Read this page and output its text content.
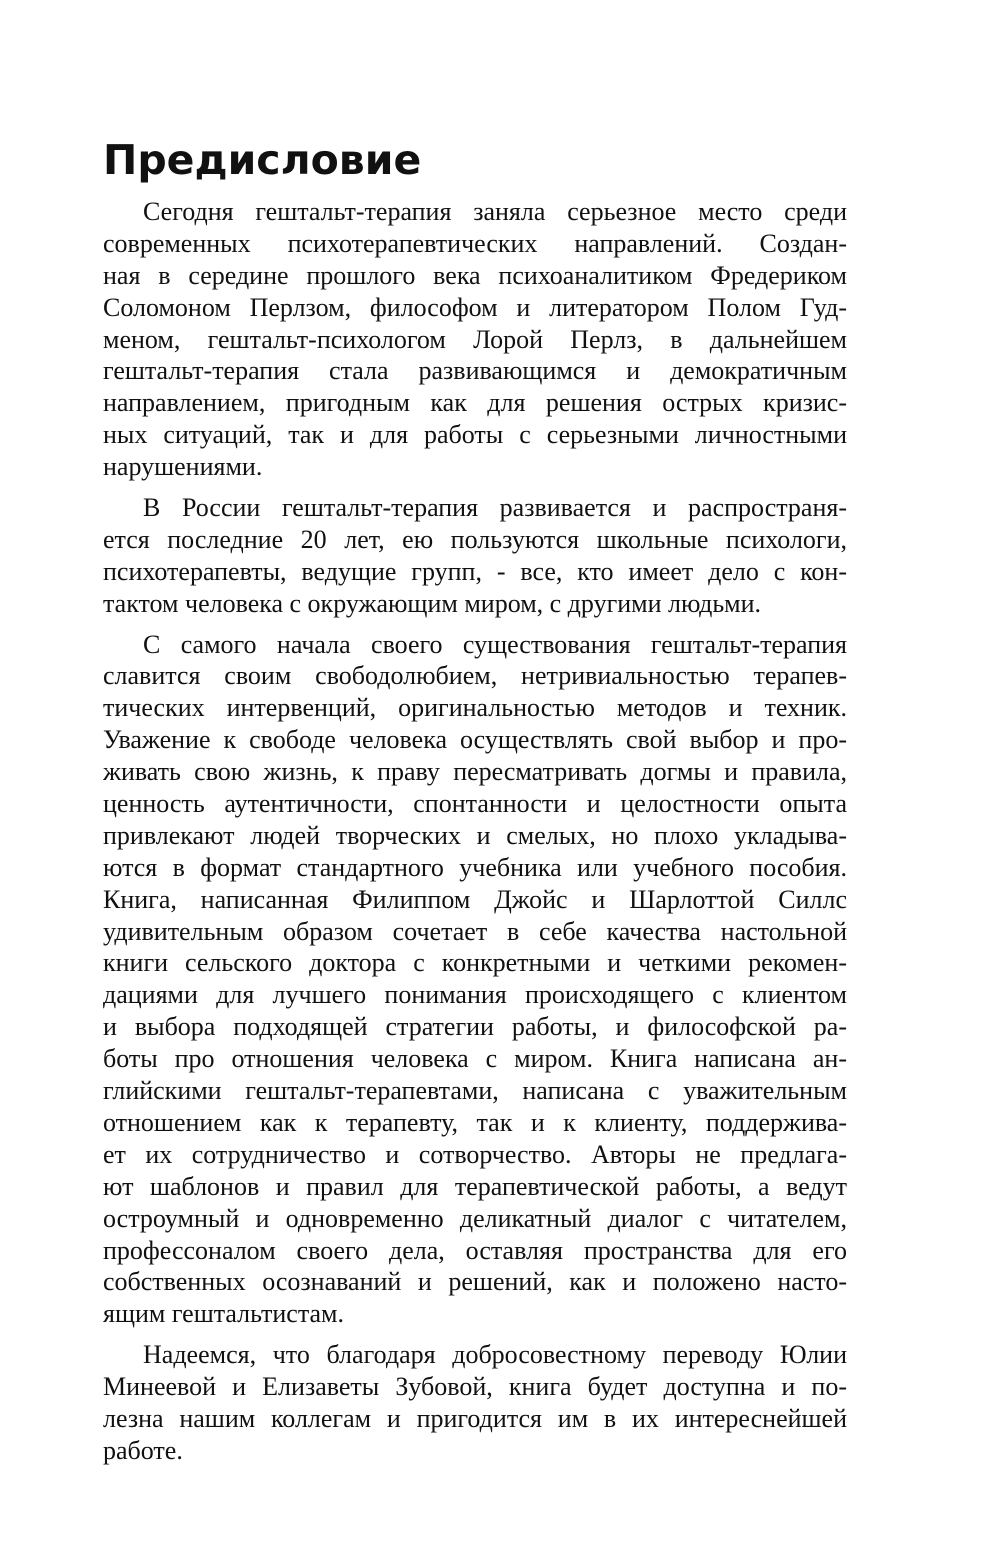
Предисловие

Сегодня гештальт-терапия заняла серьезное место среди
современных психотерапевтических направлений. Создан-
ная в середине прошлого века психоаналитиком Фредериком
Соломоном Перлзом, философом и литератором Полом Гуд-
меном, гештальт-психологом Лорой Перлз, в дальнейшем
гештальт-терапия стала развивающимся и демократичным
направлением, пригодным как для решения острых кризис-
ных ситуаций, так и для работы с серьезными личностными
нарушениями.

В России гештальт-терапия развивается и распространя-
ется последние 20 лет, ею пользуются школьные психологи,
психотерапевты, ведущие групп, - все, кто имеет дело с кон-
тактом человека с окружающим миром, с другими людьми.

С самого начала своего существования гештальт-терапия
славится своим свободолюбием, нетривиальностью терапев-
тических интервенций, оригинальностью методов и техник.
Уважение к свободе человека осуществлять свой выбор и про-
живать свою жизнь, к праву пересматривать догмы и правила,
ценность аутентичности, спонтанности и целостности опыта
привлекают людей творческих и смелых, но плохо укладыва-
ются в формат стандартного учебника или учебного пособия.
Книга, написанная Филиппом Джойс и Шарлоттой Силлс
удивительным образом сочетает в себе качества настольной
книги сельского доктора с конкретными и четкими рекомен-
дациями для лучшего понимания происходящего с клиентом
и выбора подходящей стратегии работы, и философской ра-
боты про отношения человека с миром. Книга написана ан-
глийскими гештальт-терапевтами, написана с уважительным
отношением как к терапевту, так и к клиенту, поддержива-
ет их сотрудничество и сотворчество. Авторы не предлага-
ют шаблонов и правил для терапевтической работы, а ведут
остроумный и одновременно деликатный диалог с читателем,
профессоналом своего дела, оставляя пространства для его
собственных осознаваний и решений, как и положено насто-
ящим гештальтистам.

Надеемся, что благодаря добросовестному переводу Юлии
Минеевой и Елизаветы Зубовой, книга будет доступна и по-
лезна нашим коллегам и пригодится им в их интереснейшей
работе.
